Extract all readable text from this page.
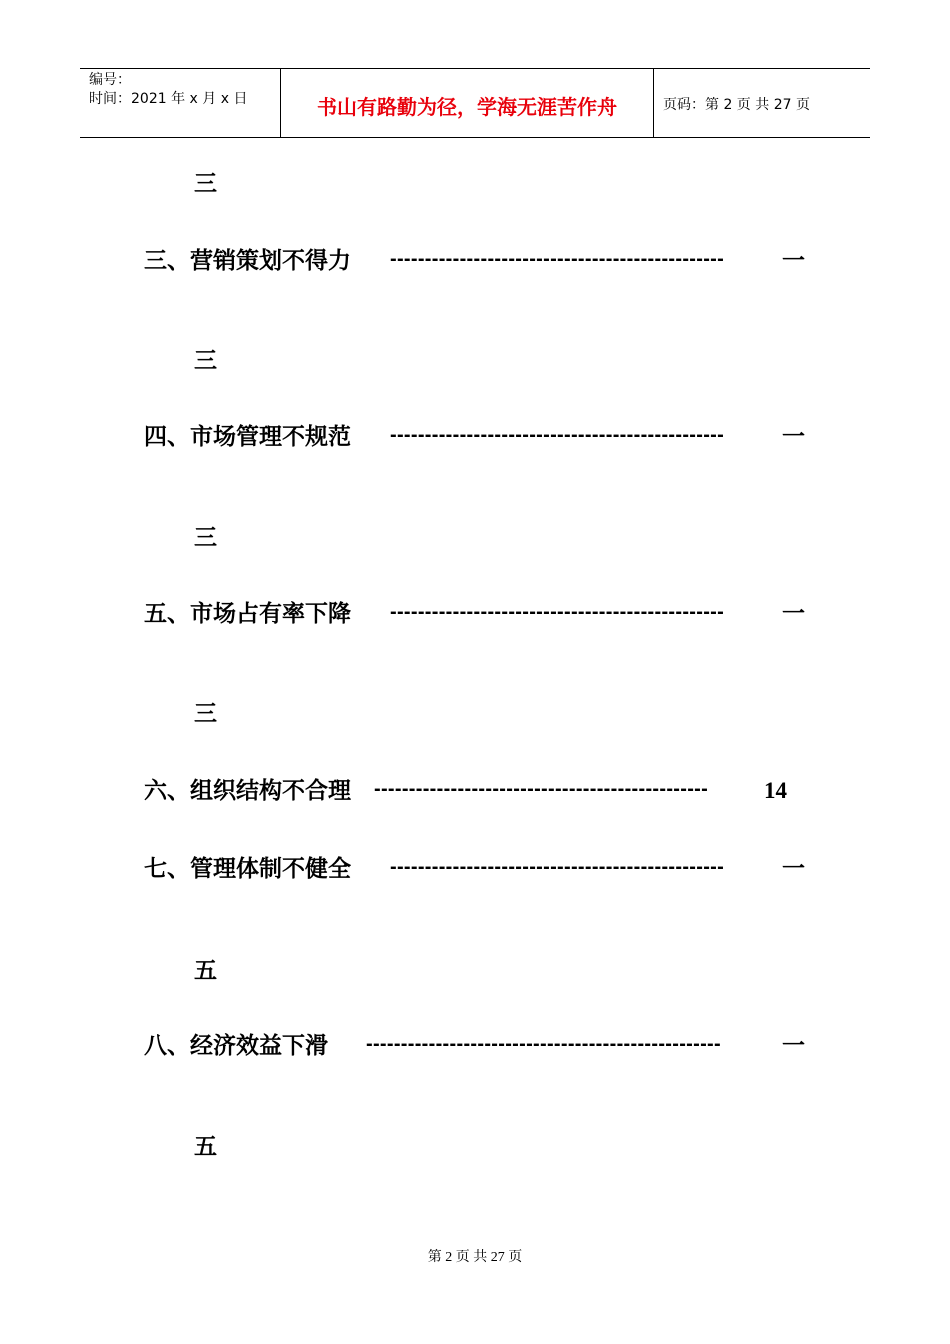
编号：
时间：2021 年 x 月 x 日	书山有路勤为径，学海无涯苦作舟	页码：第 2 页 共 27 页
三
三、营销策划不得力 ------------------------------------------------	一
三
四、市场管理不规范 ------------------------------------------------	一
三
五、市场占有率下降 ------------------------------------------------	一
三
六、组织结构不合理 ------------------------------------------------ 14
七、管理体制不健全 ------------------------------------------------	一
五
八、经济效益下滑 ---------------------------------------------------	一
五
第 2 页 共 27 页
